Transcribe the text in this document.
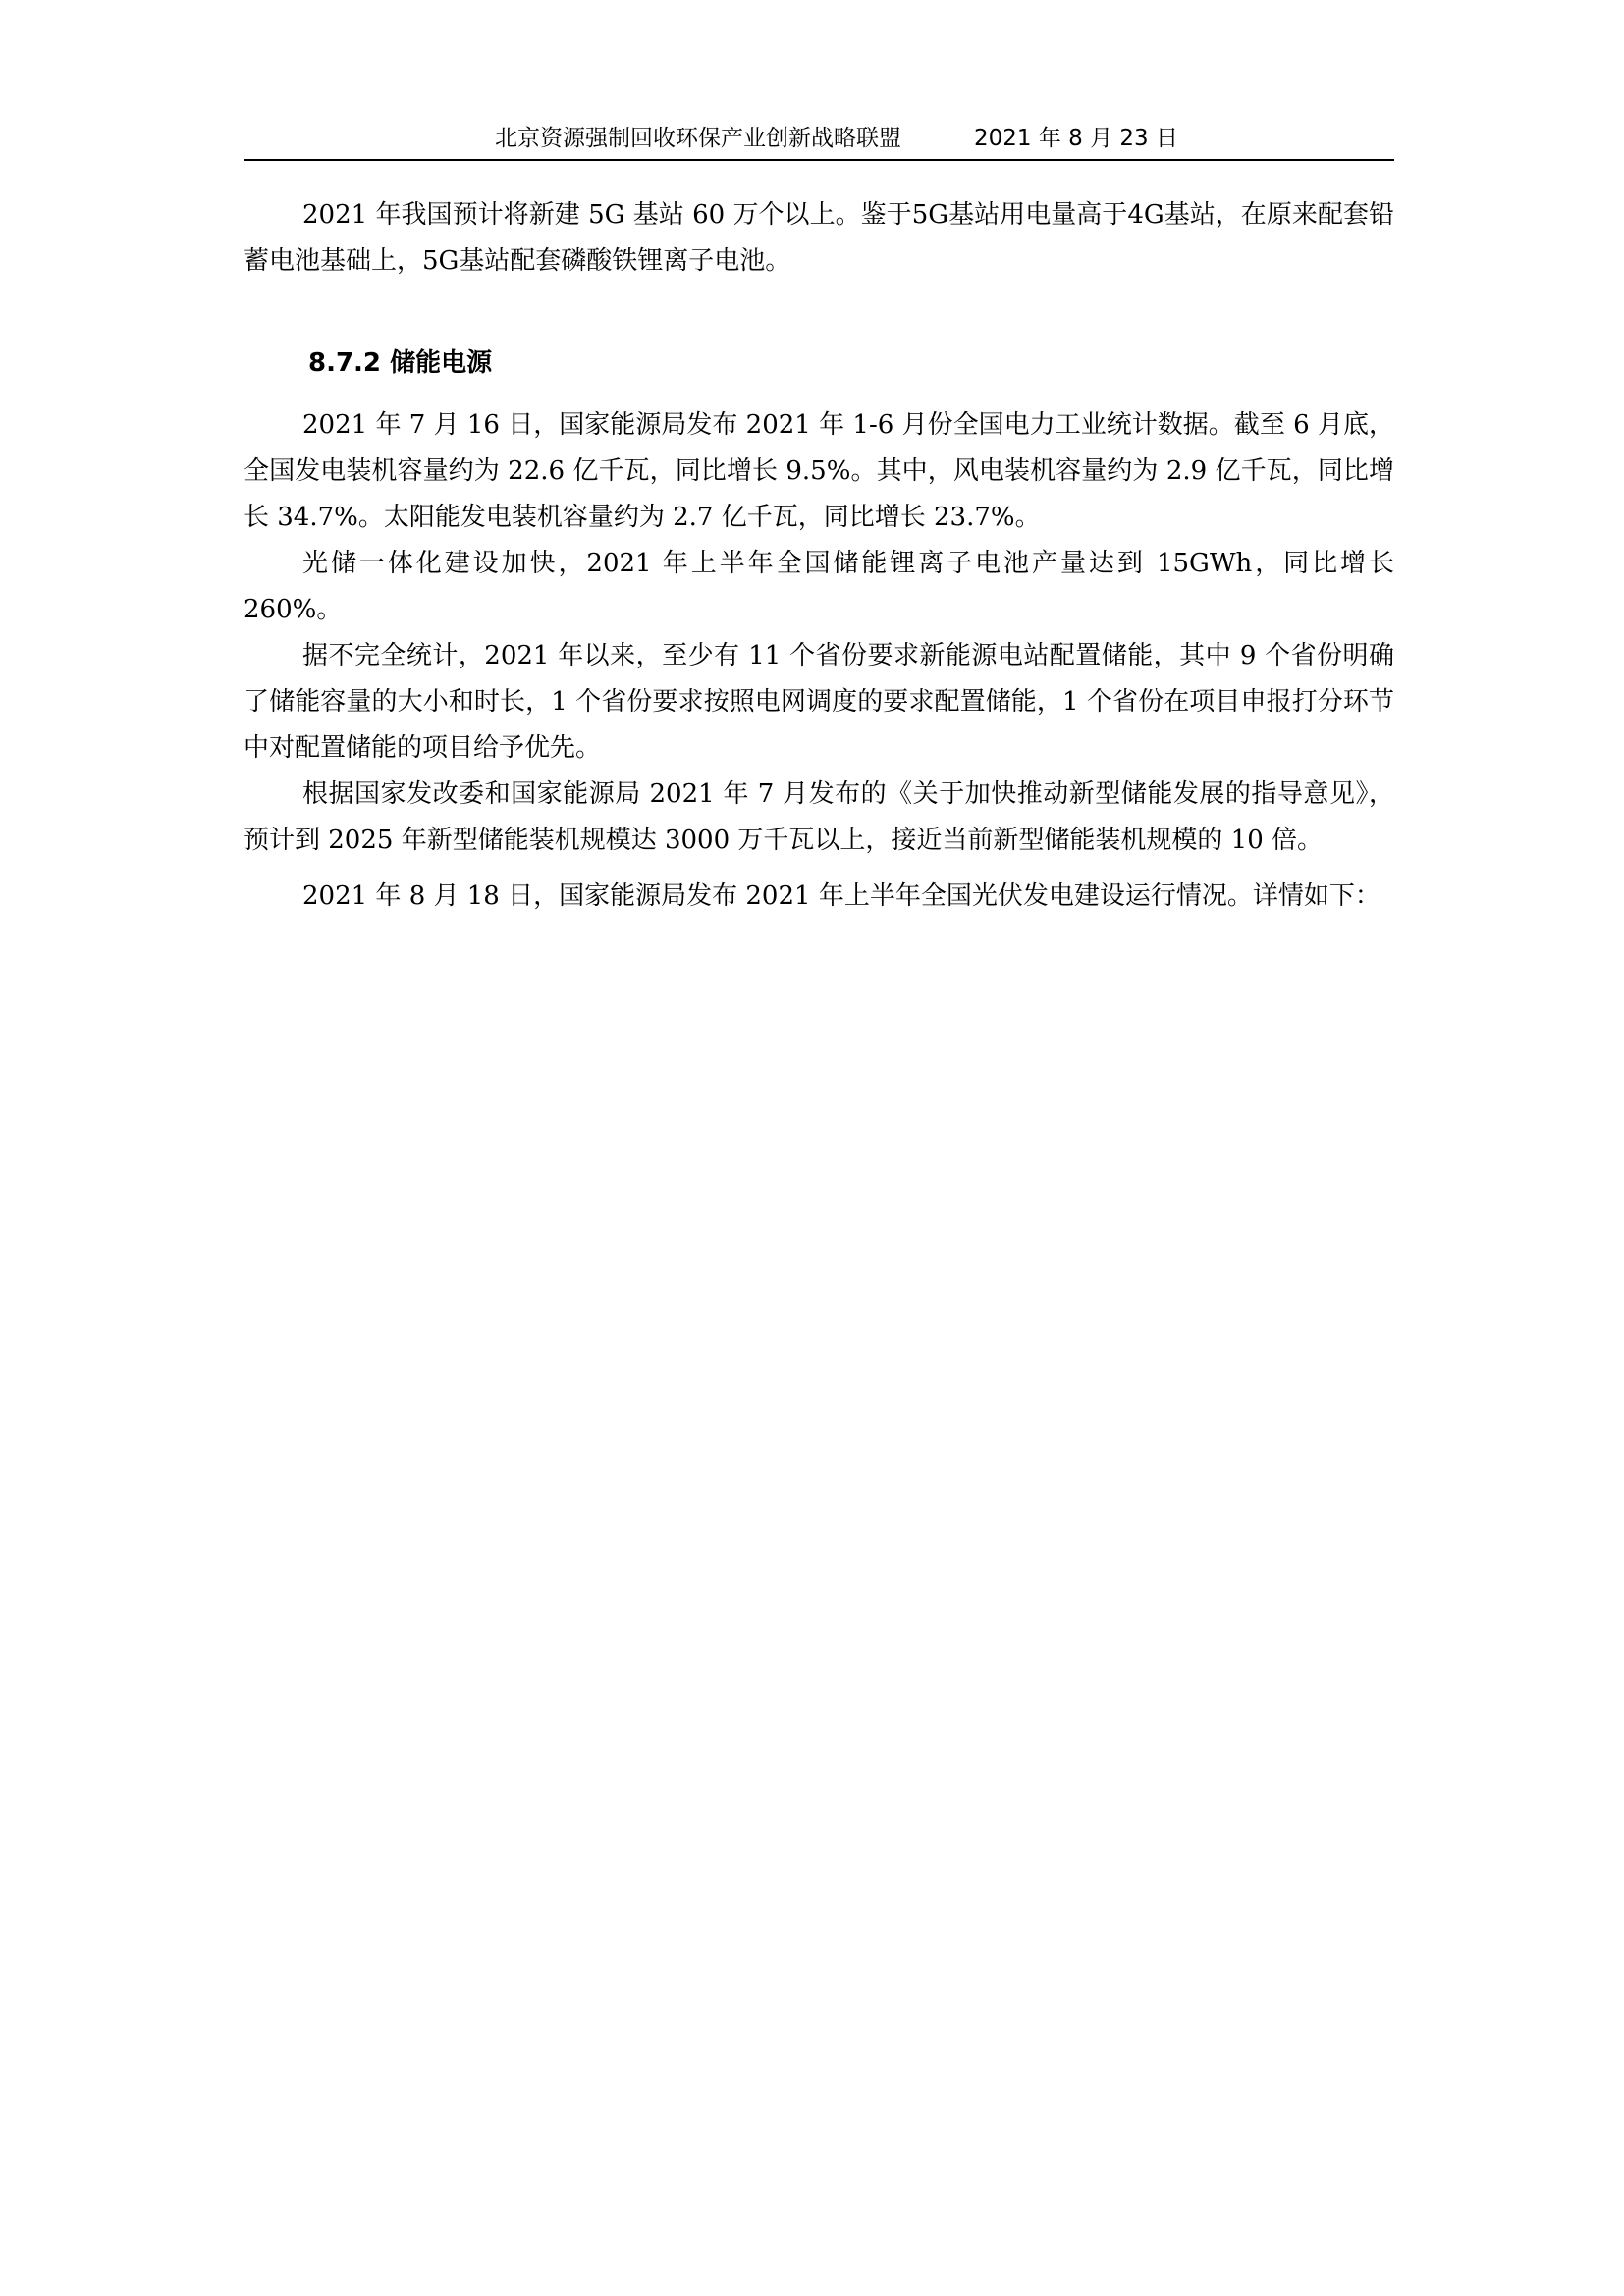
北京资源强制回收环保产业创新战略联盟	2021 年 8 月 23 日

2021 年我国预计将新建 5G 基站 60 万个以上。鉴于5G基站用电量高于4G基站，在原来配套铅蓄电池基础上，5G基站配套磷酸铁锂离子电池。

8.7.2 储能电源

2021 年 7 月 16 日，国家能源局发布 2021 年 1-6 月份全国电力工业统计数据。截至 6 月底，全国发电装机容量约为 22.6 亿千瓦，同比增长 9.5%。其中，风电装机容量约为 2.9 亿千瓦，同比增长 34.7%。太阳能发电装机容量约为 2.7 亿千瓦，同比增长 23.7%。

光储一体化建设加快，2021 年上半年全国储能锂离子电池产量达到 15GWh，同比增长 260%。

据不完全统计，2021 年以来，至少有 11 个省份要求新能源电站配置储能，其中 9 个省份明确了储能容量的大小和时长，1 个省份要求按照电网调度的要求配置储能，1 个省份在项目申报打分环节中对配置储能的项目给予优先。

根据国家发改委和国家能源局 2021 年 7 月发布的《关于加快推动新型储能发展的指导意见》，预计到 2025 年新型储能装机规模达 3000 万千瓦以上，接近当前新型储能装机规模的 10 倍。

2021 年 8 月 18 日，国家能源局发布 2021 年上半年全国光伏发电建设运行情况。详情如下：
